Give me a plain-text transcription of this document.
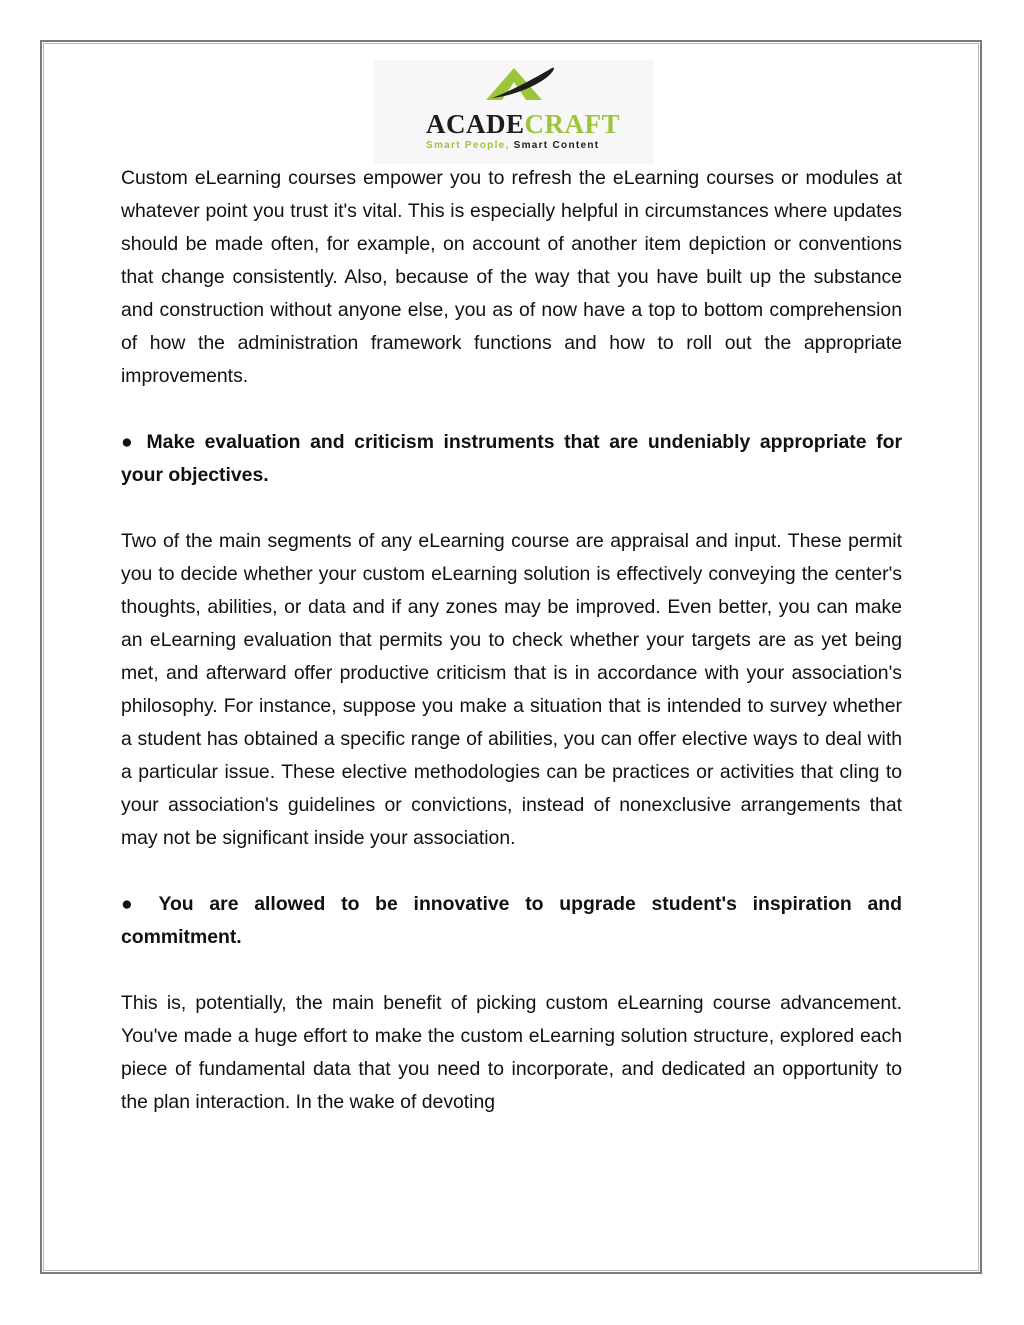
ACADECRAFT
Smart People, Smart Content

Custom eLearning courses empower you to refresh the eLearning courses or modules at whatever point you trust it's vital. This is especially helpful in circumstances where updates should be made often, for example, on account of another item depiction or conventions that change consistently. Also, because of the way that you have built up the substance and construction without anyone else, you as of now have a top to bottom comprehension of how the administration framework functions and how to roll out the appropriate improvements.

● Make evaluation and criticism instruments that are undeniably appropriate for your objectives.

Two of the main segments of any eLearning course are appraisal and input. These permit you to decide whether your custom eLearning solution is effectively conveying the center's thoughts, abilities, or data and if any zones may be improved. Even better, you can make an eLearning evaluation that permits you to check whether your targets are as yet being met, and afterward offer productive criticism that is in accordance with your association's philosophy. For instance, suppose you make a situation that is intended to survey whether a student has obtained a specific range of abilities, you can offer elective ways to deal with a particular issue. These elective methodologies can be practices or activities that cling to your association's guidelines or convictions, instead of nonexclusive arrangements that may not be significant inside your association.

● You are allowed to be innovative to upgrade student's inspiration and commitment.

This is, potentially, the main benefit of picking custom eLearning course advancement. You've made a huge effort to make the custom eLearning solution structure, explored each piece of fundamental data that you need to incorporate, and dedicated an opportunity to the plan interaction. In the wake of devoting
